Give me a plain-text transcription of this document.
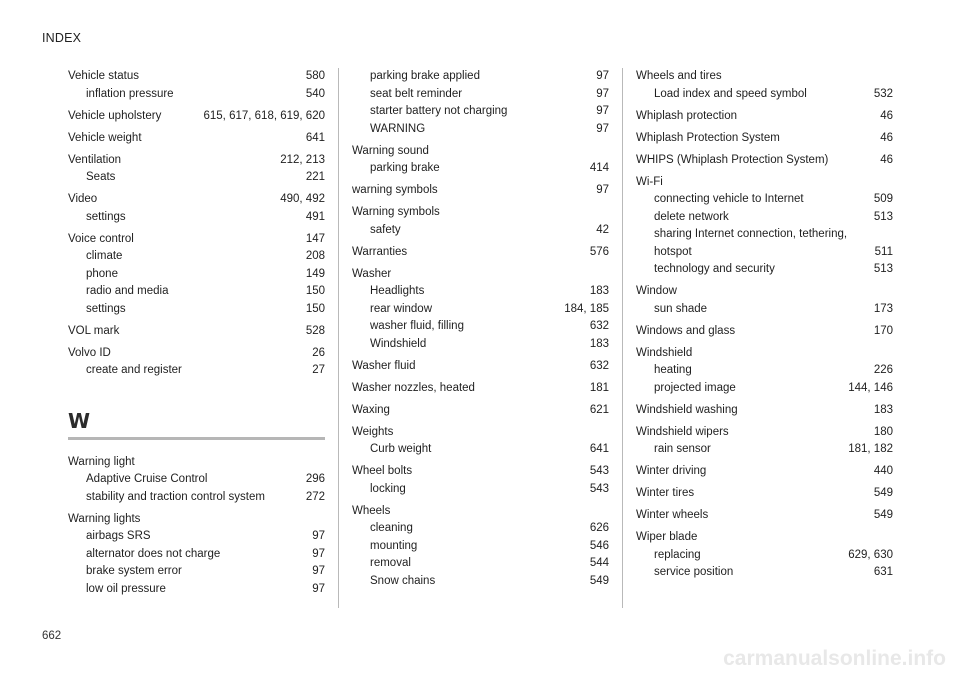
INDEX
Vehicle status	580
inflation pressure	540
Vehicle upholstery	615, 617, 618, 619, 620
Vehicle weight	641
Ventilation	212, 213
Seats	221
Video	490, 492
settings	491
Voice control	147
climate	208
phone	149
radio and media	150
settings	150
VOL mark	528
Volvo ID	26
create and register	27
W
Warning light
Adaptive Cruise Control	296
stability and traction control system	272
Warning lights
airbags SRS	97
alternator does not charge	97
brake system error	97
low oil pressure	97
parking brake applied	97
seat belt reminder	97
starter battery not charging	97
WARNING	97
Warning sound
parking brake	414
warning symbols	97
Warning symbols
safety	42
Warranties	576
Washer
Headlights	183
rear window	184, 185
washer fluid, filling	632
Windshield	183
Washer fluid	632
Washer nozzles, heated	181
Waxing	621
Weights
Curb weight	641
Wheel bolts	543
locking	543
Wheels
cleaning	626
mounting	546
removal	544
Snow chains	549
Wheels and tires
Load index and speed symbol	532
Whiplash protection	46
Whiplash Protection System	46
WHIPS (Whiplash Protection System)	46
Wi-Fi
connecting vehicle to Internet	509
delete network	513
sharing Internet connection, tethering,
hotspot	511
technology and security	513
Window
sun shade	173
Windows and glass	170
Windshield
heating	226
projected image	144, 146
Windshield washing	183
Windshield wipers	180
rain sensor	181, 182
Winter driving	440
Winter tires	549
Winter wheels	549
Wiper blade
replacing	629, 630
service position	631
662
carmanualsonline.info
